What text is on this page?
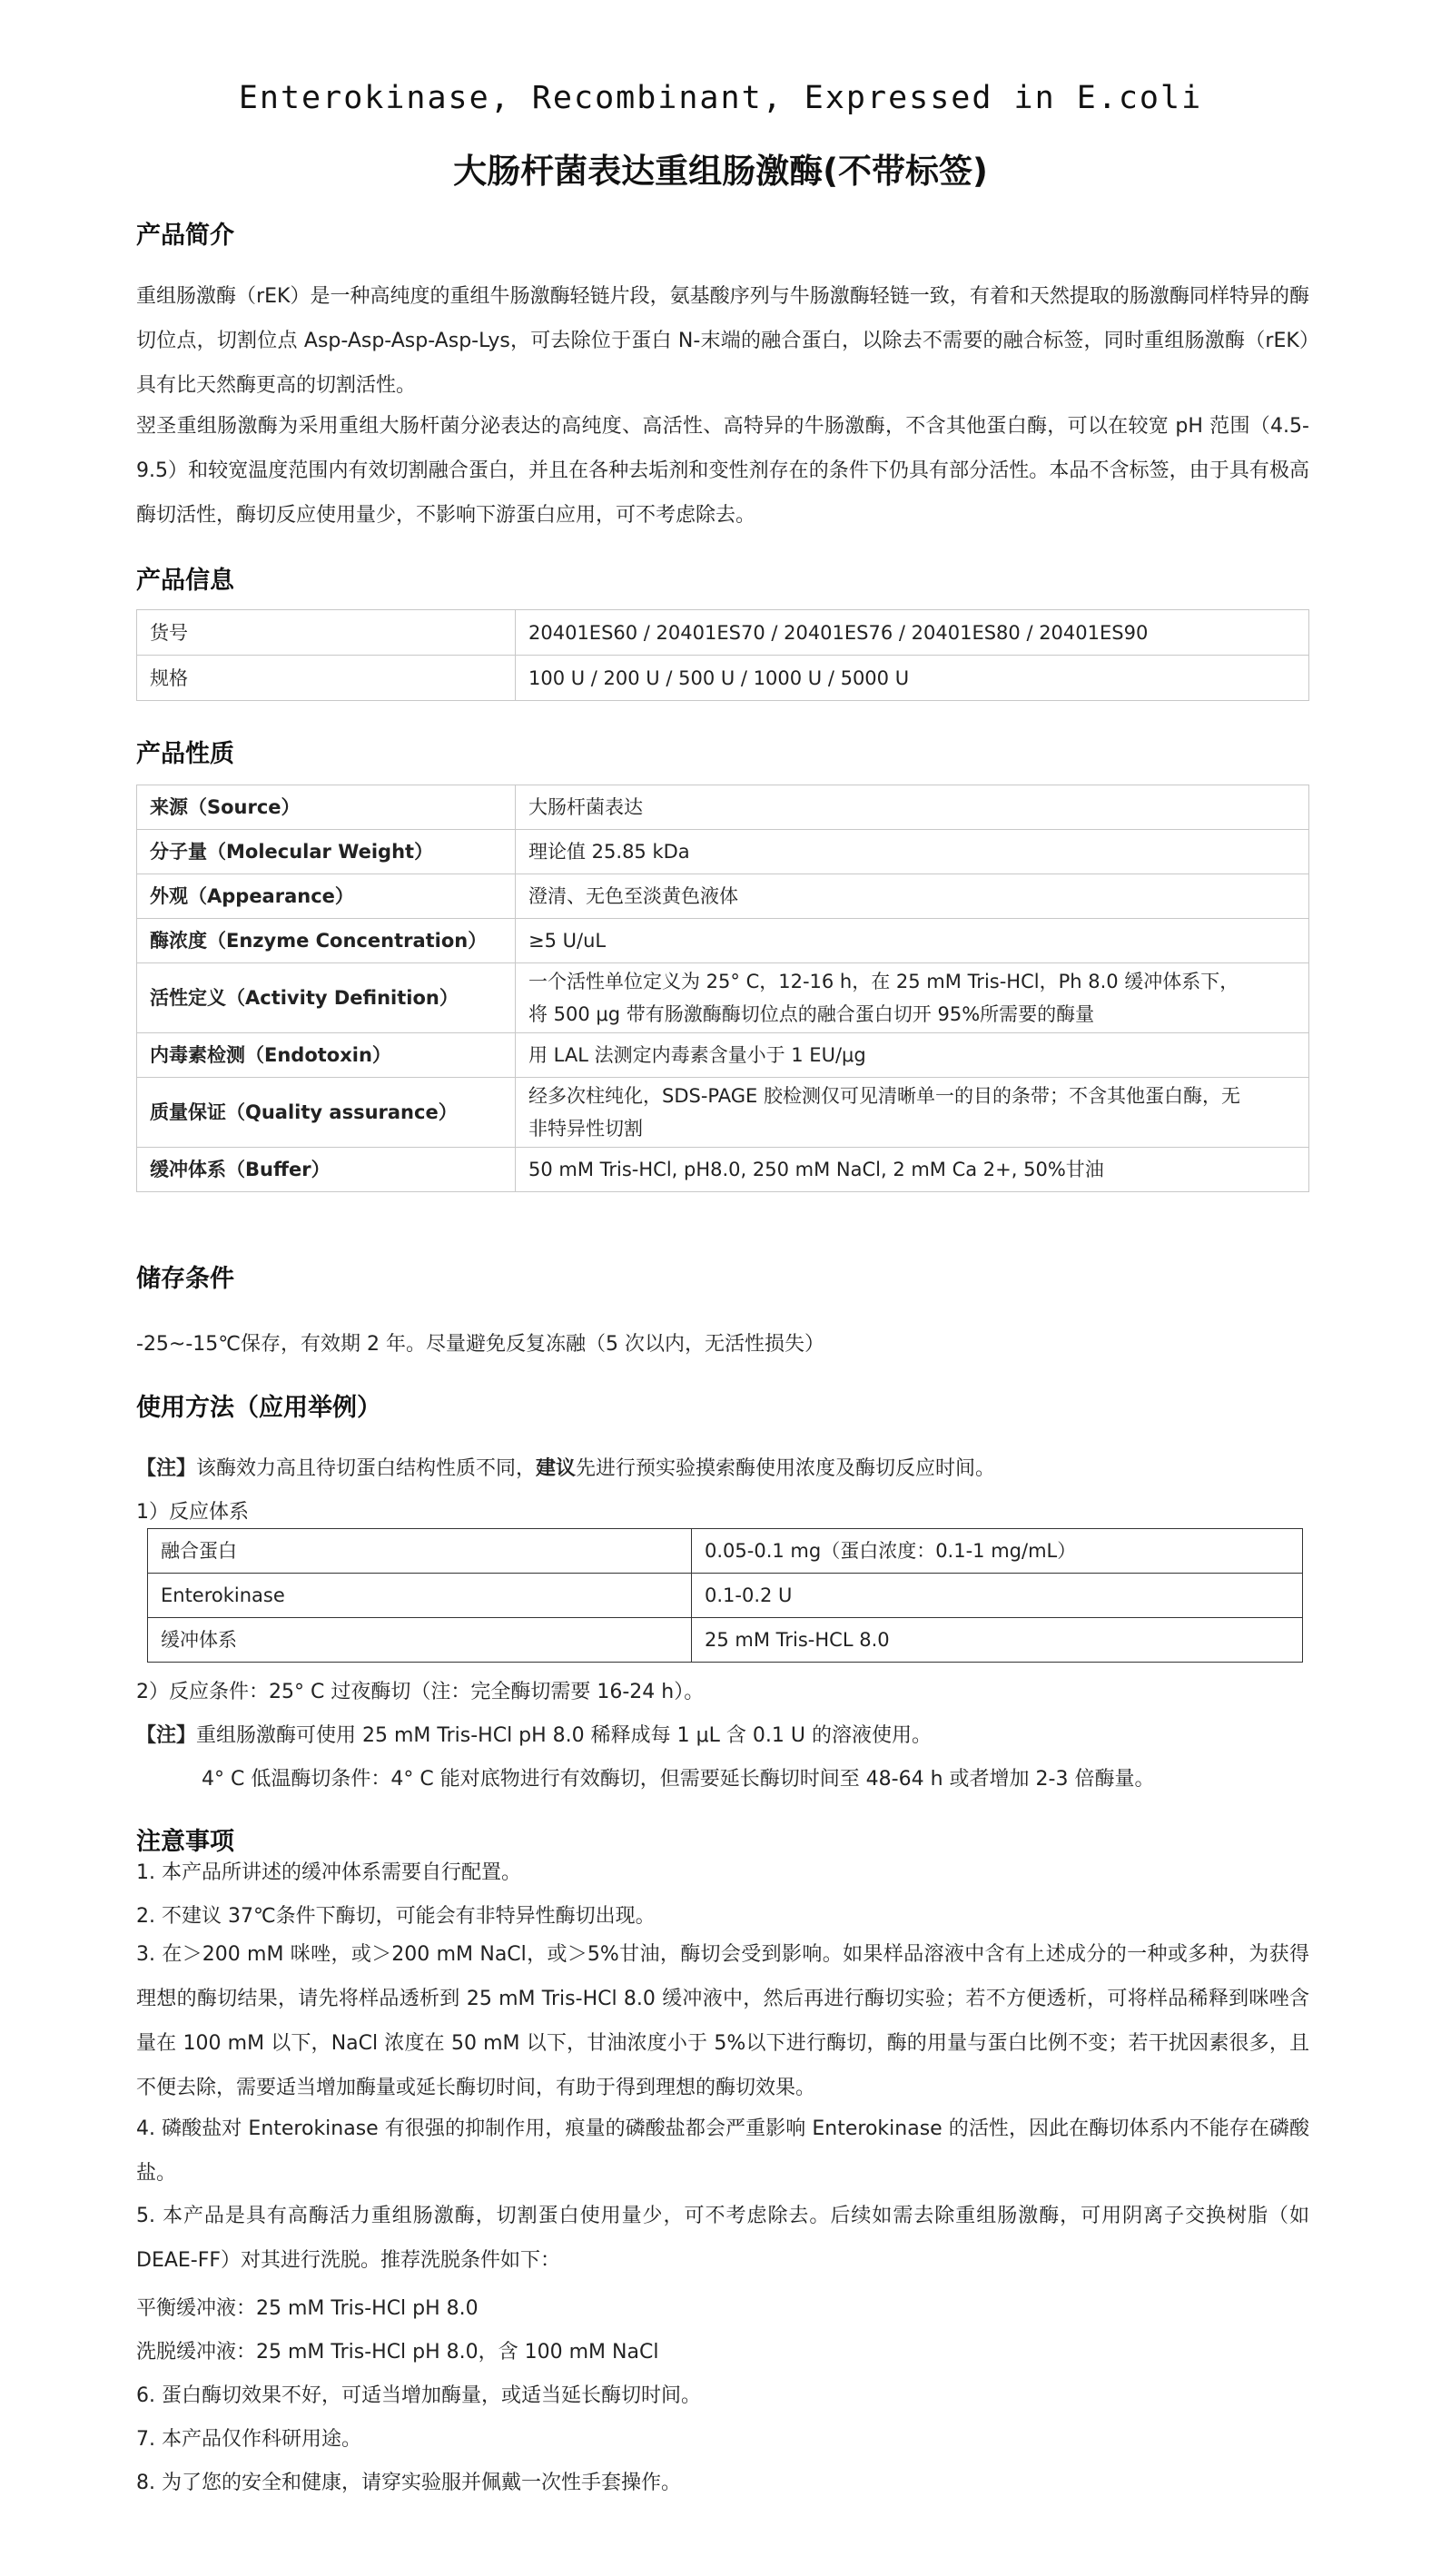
Enterokinase, Recombinant, Expressed in E.coli
大肠杆菌表达重组肠激酶(不带标签)
产品简介
重组肠激酶（rEK）是一种高纯度的重组牛肠激酶轻链片段，氨基酸序列与牛肠激酶轻链一致，有着和天然提取的肠激酶同样特异的酶切位点，切割位点 Asp-Asp-Asp-Asp-Lys，可去除位于蛋白 N-末端的融合蛋白，以除去不需要的融合标签，同时重组肠激酶（rEK）具有比天然酶更高的切割活性。
翌圣重组肠激酶为采用重组大肠杆菌分泌表达的高纯度、高活性、高特异的牛肠激酶，不含其他蛋白酶，可以在较宽 pH 范围（4.5-9.5）和较宽温度范围内有效切割融合蛋白，并且在各种去垢剂和变性剂存在的条件下仍具有部分活性。本品不含标签，由于具有极高酶切活性，酶切反应使用量少，不影响下游蛋白应用，可不考虑除去。
产品信息
货号	20401ES60 / 20401ES70 / 20401ES76 / 20401ES80 / 20401ES90
规格	100 U / 200 U / 500 U / 1000 U / 5000 U
产品性质
来源（Source）	大肠杆菌表达
分子量（Molecular Weight）	理论值 25.85 kDa
外观（Appearance）	澄清、无色至淡黄色液体
酶浓度（Enzyme Concentration）	≥5 U/uL
活性定义（Activity Definition）	一个活性单位定义为 25° C，12-16 h，在 25 mM Tris-HCl，Ph 8.0 缓冲体系下，
将 500 μg 带有肠激酶酶切位点的融合蛋白切开 95%所需要的酶量

内毒素检测（Endotoxin）	用 LAL 法测定内毒素含量小于 1 EU/μg
质量保证（Quality assurance）	经多次柱纯化，SDS-PAGE 胶检测仅可见清晰单一的目的条带；不含其他蛋白酶，无
非特异性切割

缓冲体系（Buffer）	50 mM Tris-HCl, pH8.0, 250 mM NaCl, 2 mM Ca 2+, 50%甘油
储存条件
-25~-15℃保存，有效期 2 年。尽量避免反复冻融（5 次以内，无活性损失）
使用方法（应用举例）
【注】该酶效力高且待切蛋白结构性质不同，建议先进行预实验摸索酶使用浓度及酶切反应时间。
1）反应体系
融合蛋白	0.05-0.1 mg（蛋白浓度：0.1-1 mg/mL）
Enterokinase	0.1-0.2 U
缓冲体系	25 mM Tris-HCL 8.0
2）反应条件：25° C 过夜酶切（注：完全酶切需要 16-24 h）。
【注】重组肠激酶可使用 25 mM Tris-HCl pH 8.0 稀释成每 1 μL 含 0.1 U 的溶液使用。
4° C 低温酶切条件：4° C 能对底物进行有效酶切，但需要延长酶切时间至 48-64 h 或者增加 2-3 倍酶量。
注意事项
1. 本产品所讲述的缓冲体系需要自行配置。
2. 不建议 37℃条件下酶切，可能会有非特异性酶切出现。
3. 在＞200 mM 咪唑，或＞200 mM NaCl，或＞5%甘油，酶切会受到影响。如果样品溶液中含有上述成分的一种或多种，为获得理想的酶切结果，请先将样品透析到 25 mM Tris-HCl 8.0 缓冲液中，然后再进行酶切实验；若不方便透析，可将样品稀释到咪唑含量在 100 mM 以下，NaCl 浓度在 50 mM 以下，甘油浓度小于 5%以下进行酶切，酶的用量与蛋白比例不变；若干扰因素很多，且不便去除，需要适当增加酶量或延长酶切时间，有助于得到理想的酶切效果。
4. 磷酸盐对 Enterokinase 有很强的抑制作用，痕量的磷酸盐都会严重影响 Enterokinase 的活性，因此在酶切体系内不能存在磷酸盐。
5. 本产品是具有高酶活力重组肠激酶，切割蛋白使用量少，可不考虑除去。后续如需去除重组肠激酶，可用阴离子交换树脂（如 DEAE-FF）对其进行洗脱。推荐洗脱条件如下：
平衡缓冲液：25 mM Tris-HCl pH 8.0
洗脱缓冲液：25 mM Tris-HCl pH 8.0，含 100 mM NaCl
6. 蛋白酶切效果不好，可适当增加酶量，或适当延长酶切时间。
7. 本产品仅作科研用途。
8. 为了您的安全和健康，请穿实验服并佩戴一次性手套操作。
